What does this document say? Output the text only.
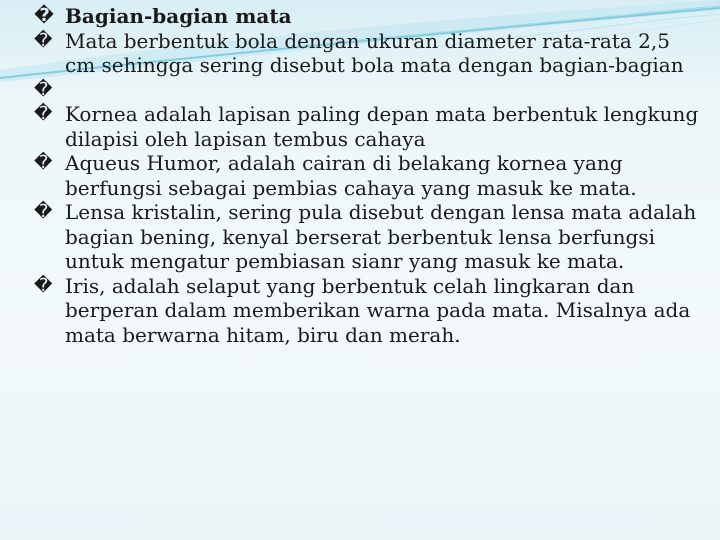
� Bagian-bagian mata

� Mata berbentuk bola dengan ukuran diameter rata-rata 2,5 cm sehingga sering disebut bola mata dengan bagian-bagian

�

� Kornea adalah lapisan paling depan mata berbentuk lengkung dilapisi oleh lapisan tembus cahaya

� Aqueus Humor, adalah cairan di belakang kornea yang berfungsi sebagai pembias cahaya yang masuk ke mata.

� Lensa kristalin, sering pula disebut dengan lensa mata adalah bagian bening, kenyal berserat berbentuk lensa berfungsi untuk mengatur pembiasan sianr yang masuk ke mata.

� Iris, adalah selaput yang berbentuk celah lingkaran dan berperan dalam memberikan warna pada mata. Misalnya ada mata berwarna hitam, biru dan merah.
